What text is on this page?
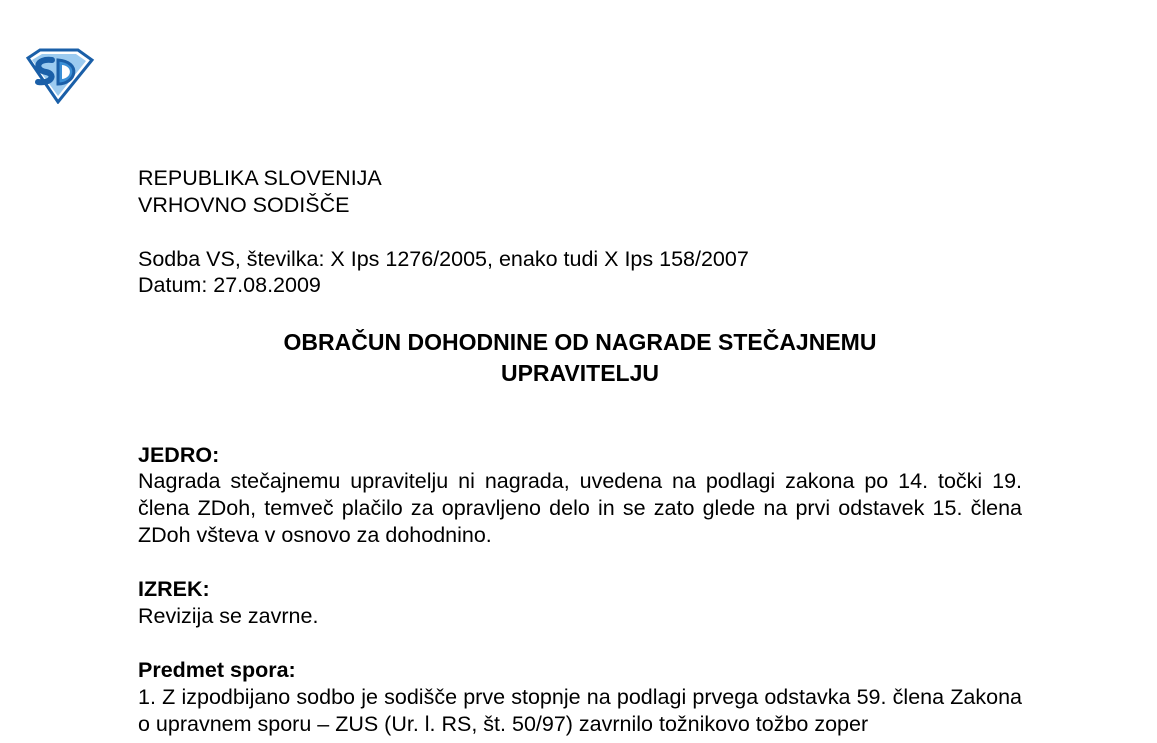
REPUBLIKA SLOVENIJA
VRHOVNO SODIŠČE
Sodba VS, številka: X Ips 1276/2005, enako tudi X Ips 158/2007
Datum: 27.08.2009
OBRAČUN DOHODNINE OD NAGRADE STEČAJNEMU
UPRAVITELJU
JEDRO:
Nagrada stečajnemu upravitelju ni nagrada, uvedena na podlagi zakona po 14. točki 19. člena ZDoh, temveč plačilo za opravljeno delo in se zato glede na prvi odstavek 15. člena ZDoh všteva v osnovo za dohodnino.
IZREK:
Revizija se zavrne.
Predmet spora:
1. Z izpodbijano sodbo je sodišče prve stopnje na podlagi prvega odstavka 59. člena Zakona o upravnem sporu – ZUS (Ur. l. RS, št. 50/97) zavrnilo tožnikovo tožbo zoper
